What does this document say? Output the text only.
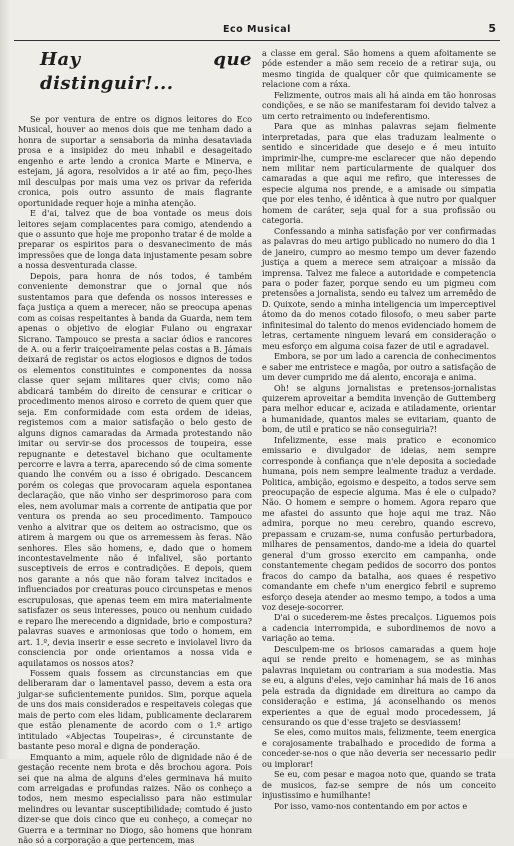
Eco Musical	5
Hay que distinguir!...

Se por ventura de entre os dignos leitores do Eco Musical, houver ao menos dois que me tenham dado a honra de suportar a sensaboria da minha desataviada prosa e a insipidez do meu inhabil e desageitado engenho e arte lendo a cronica Marte e Minerva, e estejam, já agora, resolvidos a ir até ao fim, peço-lhes mil desculpas por mais uma vez os privar da referida cronica, pois outro assunto de mais flagrante oportunidade requer hoje a minha atenção.

E d'ai, talvez que de boa vontade os meus dois leitores sejam complacentes para comigo, atendendo a que o assunto que hoje me proponho tratar é de molde a preparar os espiritos para o desvanecimento de más impressões que de longa data injustamente pesam sobre a nossa desventurada classe.

Depois, para honra de nós todos, é também conveniente demonstrar que o jornal que nós sustentamos para que defenda os nossos interesses e faça justiça a quem a merecer, não se preocupa apenas com as coisas respeitantes à banda da Guarda, nem tem apenas o objetivo de elogiar Fulano ou engraxar Sicrano. Tampouco se presta a saciar ódios e rancores de A. ou a ferir traiçoeiramente pelas costas a B. Jámais deixará de registar os actos elogiosos e dignos de todos os elementos constituintes e componentes da nossa classe quer sejam militares quer civis; como não abdicará também do direito de censurar e criticar o procedimento menos airoso e correto de quem quer que seja. Em conformidade com esta ordem de ideias, registemos com a maior satisfação o belo gesto de alguns dignos camaradas da Armada protestando não imitar ou servir-se dos processos de toupeira, esse repugnante e detestavel bichano que ocultamente percorre e lavra a terra, aparecendo só de cima somente quando lhe convém ou a isso é obrigado. Descancem porém os colegas que provocaram aquela espontanea declaração, que não vinho ser desprimoroso para com eles, nem avolumar mais a corrente de antipatia que por ventura os prenda ao seu procedimento. Tampouco venho a alvitrar que os deitem ao ostracismo, que os atirem à margem ou que os arremessem às feras. Não senhores. Eles são homens, e, dado que o homem incontestavelmente não é infalivel, são portanto susceptiveis de erros e contradições. E depois, quem nos garante a nós que não foram talvez incitados e influenciados por creaturas pouco circunspetas e menos escrupulosas, que apenas teem em mira materialmente satisfazer os seus interesses, pouco ou nenhum cuidado e reparo lhe merecendo a dignidade, brio e compostura? palavras suaves e armoniosas que todo o homem, em art. 1.º, devia inserir e esse secreto e inviolavel livro da consciencia por onde orientamos a nossa vida e aquilatamos os nossos atos?

Fossem quais fossem as circunstancias em que deliberaram dar o lamentavel passo, devem a esta ora julgar-se suficientemente punidos. Sim, porque aquela de uns dos mais considerados e respeitaveis colegas que mais de perto com eles lidam, publicamente declararem que estão plenamente de acordo com o 1.º artigo intitulado «Abjectas Toupeiras», é circunstante de bastante peso moral e digna de ponderação.

Emquanto a mim, aquele rôlo de dignidade não é de gestação recente nem brota e dês brochou agora. Pois sei que na alma de alguns d'eles germinava há muito com arreigadas e profundas raizes. Não os conheço a todos, nem mesmo especialisso para não estimular melindres ou levantar susceptibilidade; comtudo é justo dizer-se que dois cinco que eu conheço, a começar no Guerra e a terminar no Diogo, são homens que honram não só a corporação a que pertencem, mas

a classe em geral. São homens a quem afoitamente se póde estender a mão sem receio de a retirar suja, ou mesmo tingida de qualquer côr que quimicamente se relacione com a ráxa.

Felizmente, outros mais ali há ainda em tão honrosas condições, e se não se manifestaram foi devido talvez a um certo retraimento ou indeferentismo.

Para que as minhas palavras sejam fielmente interpretadas, para que elas traduzam lealmente o sentido e sinceridade que desejo e é meu intuito imprimir-lhe, cumpre-me esclarecer que não dependo nem militar nem particularmente de qualquer dos camaradas a que aqui me refiro, que interesses de especie alguma nos prende, e a amisade ou simpatia que por eles tenho, é idêntica à que nutro por qualquer homem de caráter, seja qual for a sua profissão ou categoria.

Confessando a minha satisfação por ver confirmadas as palavras do meu artigo publicado no numero do dia 1 de janeiro, cumpro ao mesmo tempo um dever fazendo justiça a quem a merece sem atraiçoar a missão da imprensa. Talvez me falece a autoridade e competencia para o poder fazer, porque sendo eu um pigmeu com pretensões a jornalista, sendo eu talvez um arremêdo de D. Quixote, sendo a minha inteligencia um imperceptivel átomo da do menos cotado filosofo, o meu saber parte infinitesimal do talento do menos evidenciado homem de letras, certamente ninguem levará em consideração o meu esforço em alguma coisa fazer de util e agradavel.

Embora, se por um lado a carencia de conhecimentos e saber me entristece e magôa, por outro a satisfação de um dever cumprido me dá alento, encoraja e anima.

Oh! se alguns jornalistas e pretensos-jornalistas quizerem aproveitar a bemdita invenção de Guttemberg para melhor educar e, acizada e atiladamente, orientar a humanidade, quantos males se evitariam, quanto de bom, de util e pratico se não conseguiria?!

Infelizmente, esse mais pratico e economico emissario e divulgador de ideias, nem sempre corresponde à confiança que n'ele deposita a sociedade humana, pois nem sempre lealmente traduz a verdade. Politica, ambição, egoismo e despeito, a todos serve sem preocupação de especie alguma. Mas é ele o culpado? Não. O homem e sempre o homem. Agora reparo que me afastei do assunto que hoje aqui me traz. Não admira, porque no meu cerebro, quando escrevo, prepassam e cruzam-se, numa confusão perturbadora, milhares de pensamentos, dando-me a ideia do quartel general d'um grosso exercito em campanha, onde constantemente chegam pedidos de socorro dos pontos fracos do campo da batalha, aos quaes é respetivo comandante em chefe n'um energico febril e supremo esforço deseja atender ao mesmo tempo, a todos a uma voz deseje-socorrer.

D'ai o sucederem-me êstes precalços. Liguemos pois a cadencia interrompida, e subordinemos de novo a variação ao tema.

Desculpem-me os briosos camaradas a quem hoje aqui se rende preito e homenagem, se as minhas palavras inquietam ou contrariam a sua modestia. Mas se eu, a alguns d'eles, vejo caminhar há mais de 16 anos pela estrada da dignidade em direitura ao campo da consideração e estima, já aconselhando os menos experientes a que de egual modo procedessem, já censurando os que d'esse trajeto se desviassem!

Se eles, como muitos mais, felizmente, teem energica e corajosamente trabalhado e procedido de forma a conceder-se-nos o que não deveria ser necessario pedir ou implorar!

Se eu, com pesar e magoa noto que, quando se trata de musicos, faz-se sempre de nós um conceito injustissimo e humilhante!

Por isso, vamo-nos contentando em por actos e
